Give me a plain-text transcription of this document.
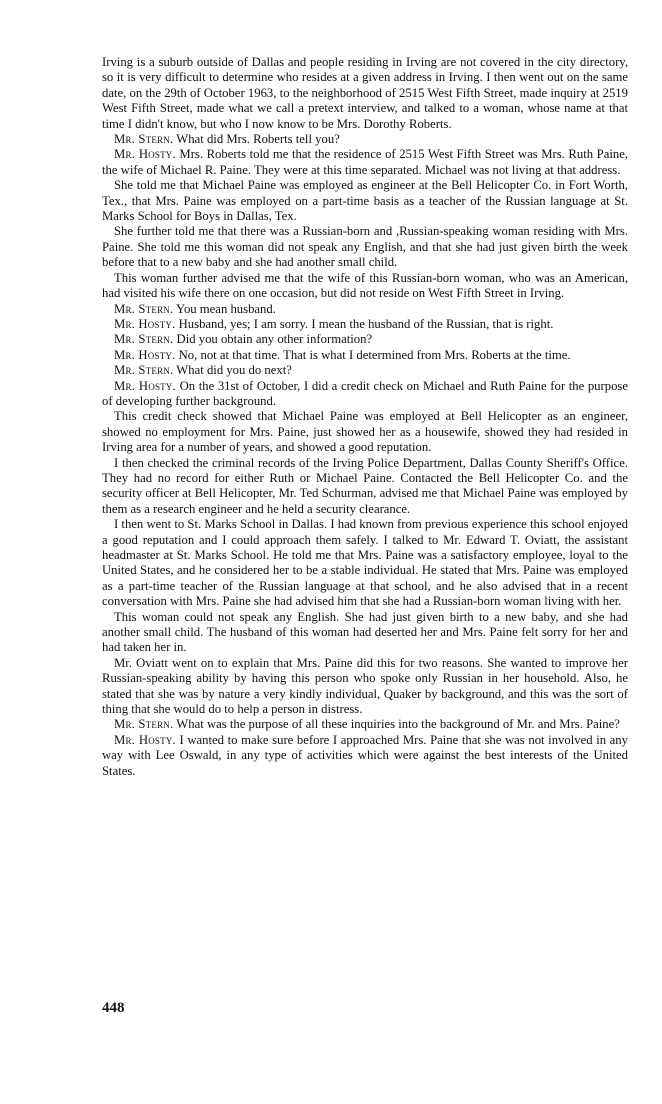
Irving is a suburb outside of Dallas and people residing in Irving are not covered in the city directory, so it is very difficult to determine who resides at a given address in Irving. I then went out on the same date, on the 29th of October 1963, to the neighborhood of 2515 West Fifth Street, made inquiry at 2519 West Fifth Street, made what we call a pretext interview, and talked to a woman, whose name at that time I didn't know, but who I now know to be Mrs. Dorothy Roberts.

Mr. Stern. What did Mrs. Roberts tell you?

Mr. Hosty. Mrs. Roberts told me that the residence of 2515 West Fifth Street was Mrs. Ruth Paine, the wife of Michael R. Paine. They were at this time separated. Michael was not living at that address.

She told me that Michael Paine was employed as engineer at the Bell Helicopter Co. in Fort Worth, Tex., that Mrs. Paine was employed on a part-time basis as a teacher of the Russian language at St. Marks School for Boys in Dallas, Tex.

She further told me that there was a Russian-born and ,Russian-speaking woman residing with Mrs. Paine. She told me this woman did not speak any English, and that she had just given birth the week before that to a new baby and she had another small child.

This woman further advised me that the wife of this Russian-born woman, who was an American, had visited his wife there on one occasion, but did not reside on West Fifth Street in Irving.

Mr. Stern. You mean husband.

Mr. Hosty. Husband, yes; I am sorry. I mean the husband of the Russian, that is right.

Mr. Stern. Did you obtain any other information?

Mr. Hosty. No, not at that time. That is what I determined from Mrs. Roberts at the time.

Mr. Stern. What did you do next?

Mr. Hosty. On the 31st of October, I did a credit check on Michael and Ruth Paine for the purpose of developing further background.

This credit check showed that Michael Paine was employed at Bell Helicopter as an engineer, showed no employment for Mrs. Paine, just showed her as a housewife, showed they had resided in Irving area for a number of years, and showed a good reputation.

I then checked the criminal records of the Irving Police Department, Dallas County Sheriff's Office. They had no record for either Ruth or Michael Paine. Contacted the Bell Helicopter Co. and the security officer at Bell Helicopter, Mr. Ted Schurman, advised me that Michael Paine was employed by them as a research engineer and he held a security clearance.

I then went to St. Marks School in Dallas. I had known from previous experience this school enjoyed a good reputation and I could approach them safely. I talked to Mr. Edward T. Oviatt, the assistant headmaster at St. Marks School. He told me that Mrs. Paine was a satisfactory employee, loyal to the United States, and he considered her to be a stable individual. He stated that Mrs. Paine was employed as a part-time teacher of the Russian language at that school, and he also advised that in a recent conversation with Mrs. Paine she had advised him that she had a Russian-born woman living with her.

This woman could not speak any English. She had just given birth to a new baby, and she had another small child. The husband of this woman had deserted her and Mrs. Paine felt sorry for her and had taken her in.

Mr. Oviatt went on to explain that Mrs. Paine did this for two reasons. She wanted to improve her Russian-speaking ability by having this person who spoke only Russian in her household. Also, he stated that she was by nature a very kindly individual, Quaker by background, and this was the sort of thing that she would do to help a person in distress.

Mr. Stern. What was the purpose of all these inquiries into the background of Mr. and Mrs. Paine?

Mr. Hosty. I wanted to make sure before I approached Mrs. Paine that she was not involved in any way with Lee Oswald, in any type of activities which were against the best interests of the United States.

448
